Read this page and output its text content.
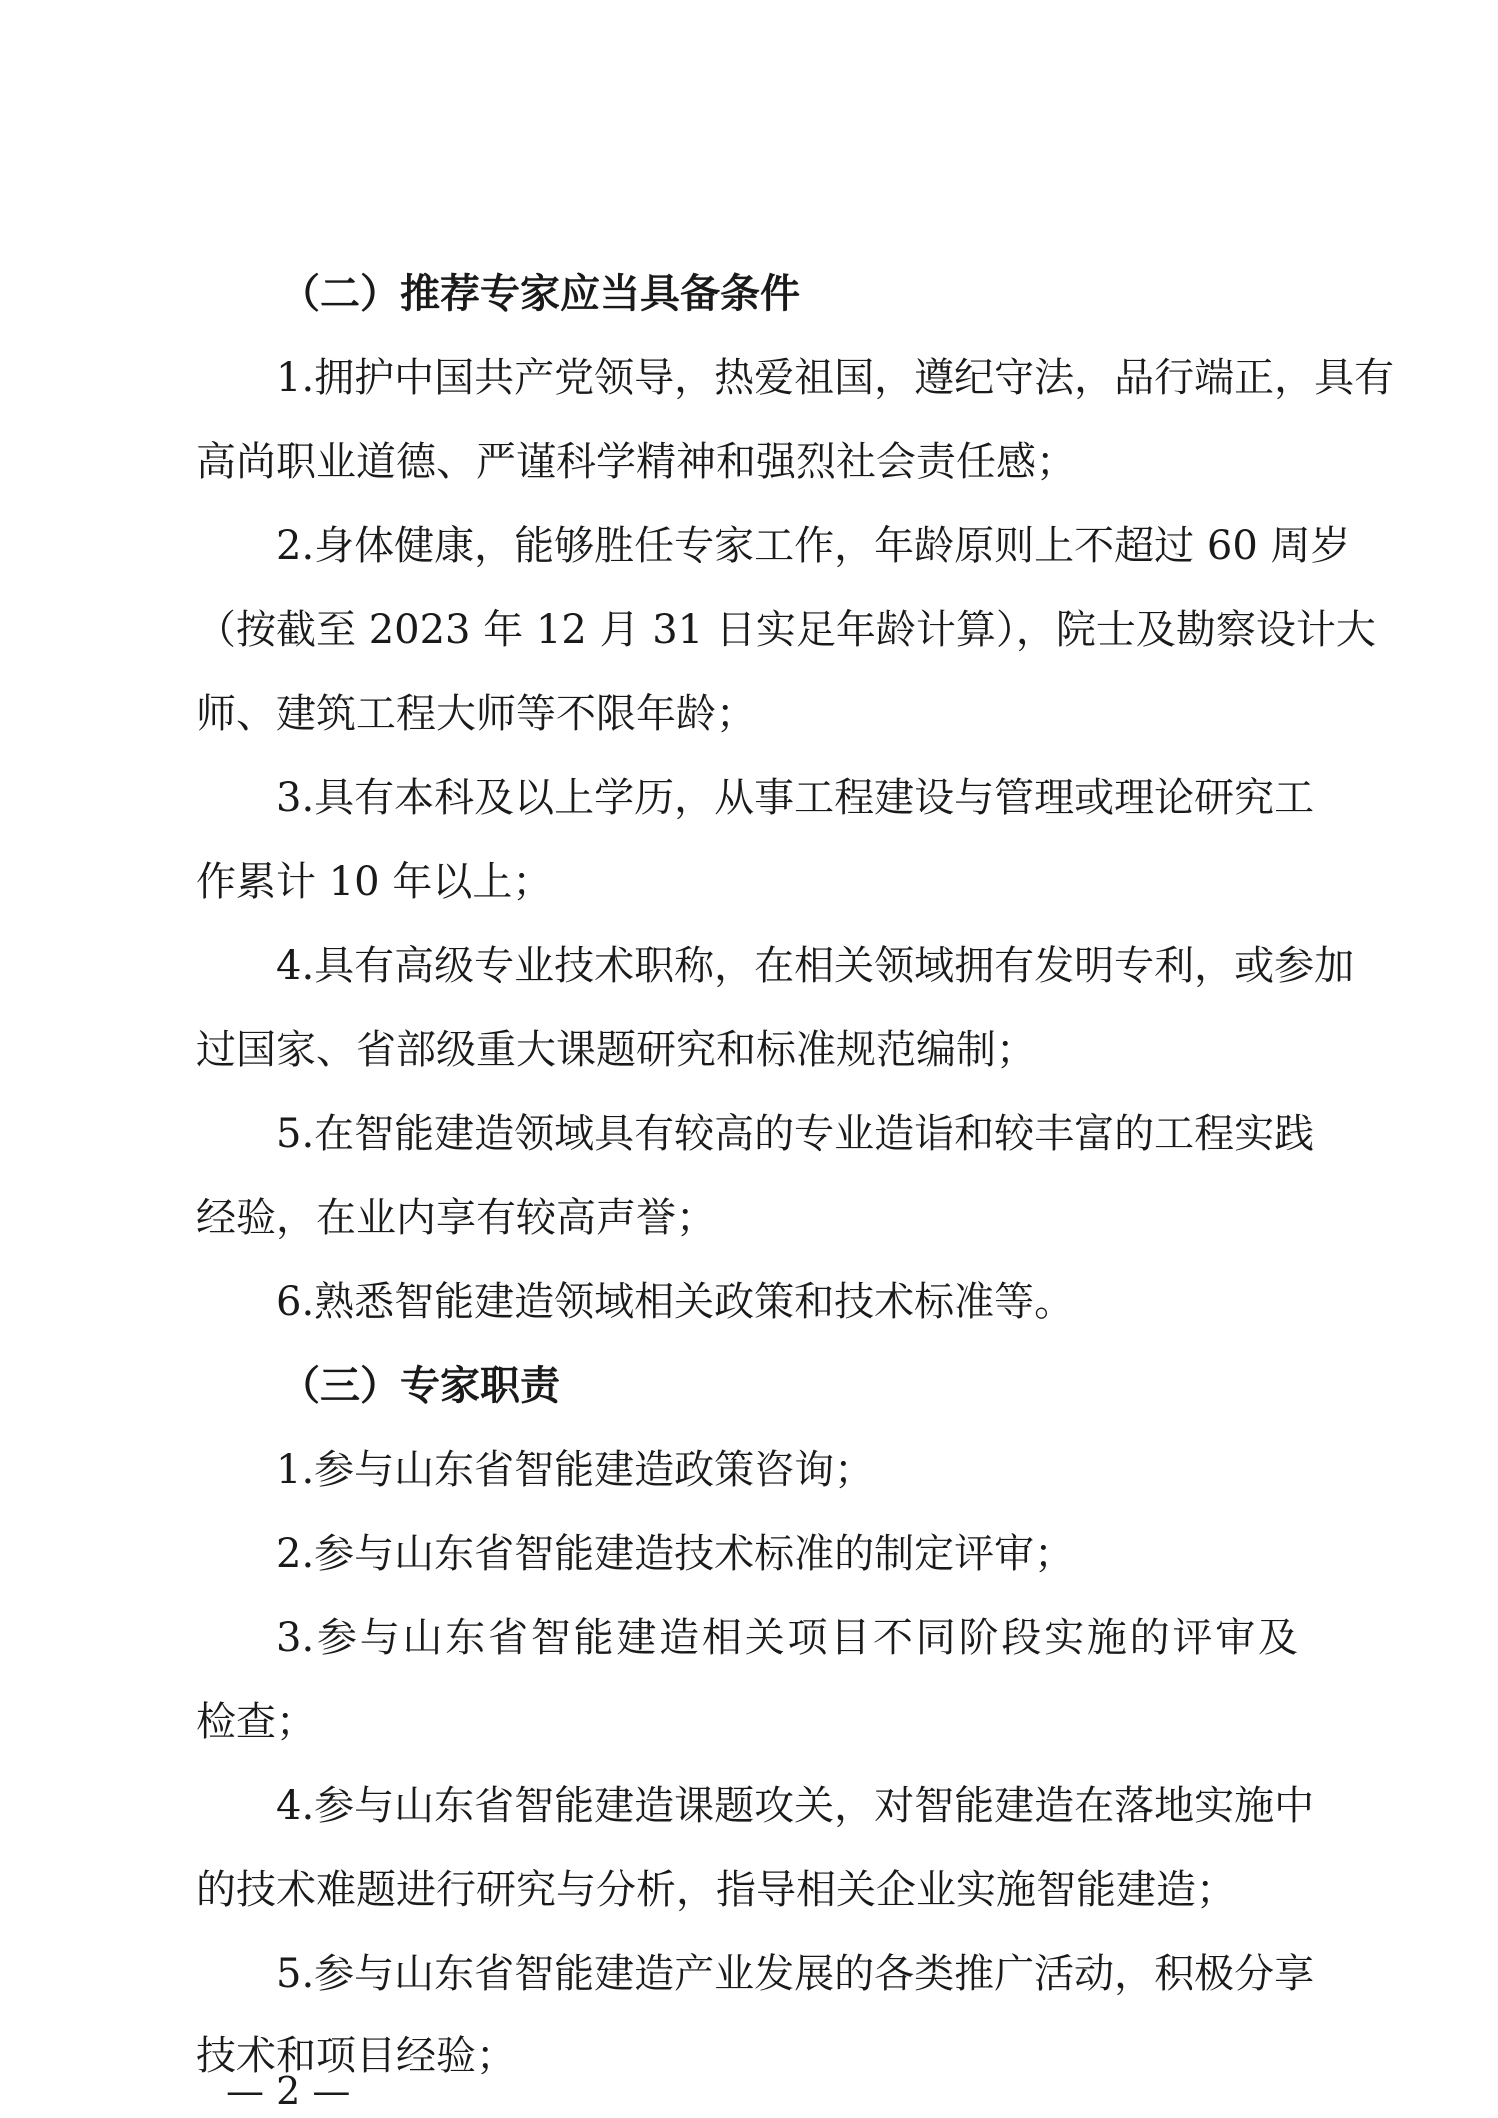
（二）推荐专家应当具备条件

1.拥护中国共产党领导，热爱祖国，遵纪守法，品行端正，具有

高尚职业道德、严谨科学精神和强烈社会责任感；

2.身体健康，能够胜任专家工作，年龄原则上不超过 60 周岁

（按截至 2023 年 12 月 31 日实足年龄计算），院士及勘察设计大

师、建筑工程大师等不限年龄；

3.具有本科及以上学历，从事工程建设与管理或理论研究工

作累计 10 年以上；

4.具有高级专业技术职称，在相关领域拥有发明专利，或参加

过国家、省部级重大课题研究和标准规范编制；

5.在智能建造领域具有较高的专业造诣和较丰富的工程实践

经验，在业内享有较高声誉；

6.熟悉智能建造领域相关政策和技术标准等。

（三）专家职责

1.参与山东省智能建造政策咨询；

2.参与山东省智能建造技术标准的制定评审；

3.参与山东省智能建造相关项目不同阶段实施的评审及

检查；

4.参与山东省智能建造课题攻关，对智能建造在落地实施中

的技术难题进行研究与分析，指导相关企业实施智能建造；

5.参与山东省智能建造产业发展的各类推广活动，积极分享

技术和项目经验；

— 2 —
